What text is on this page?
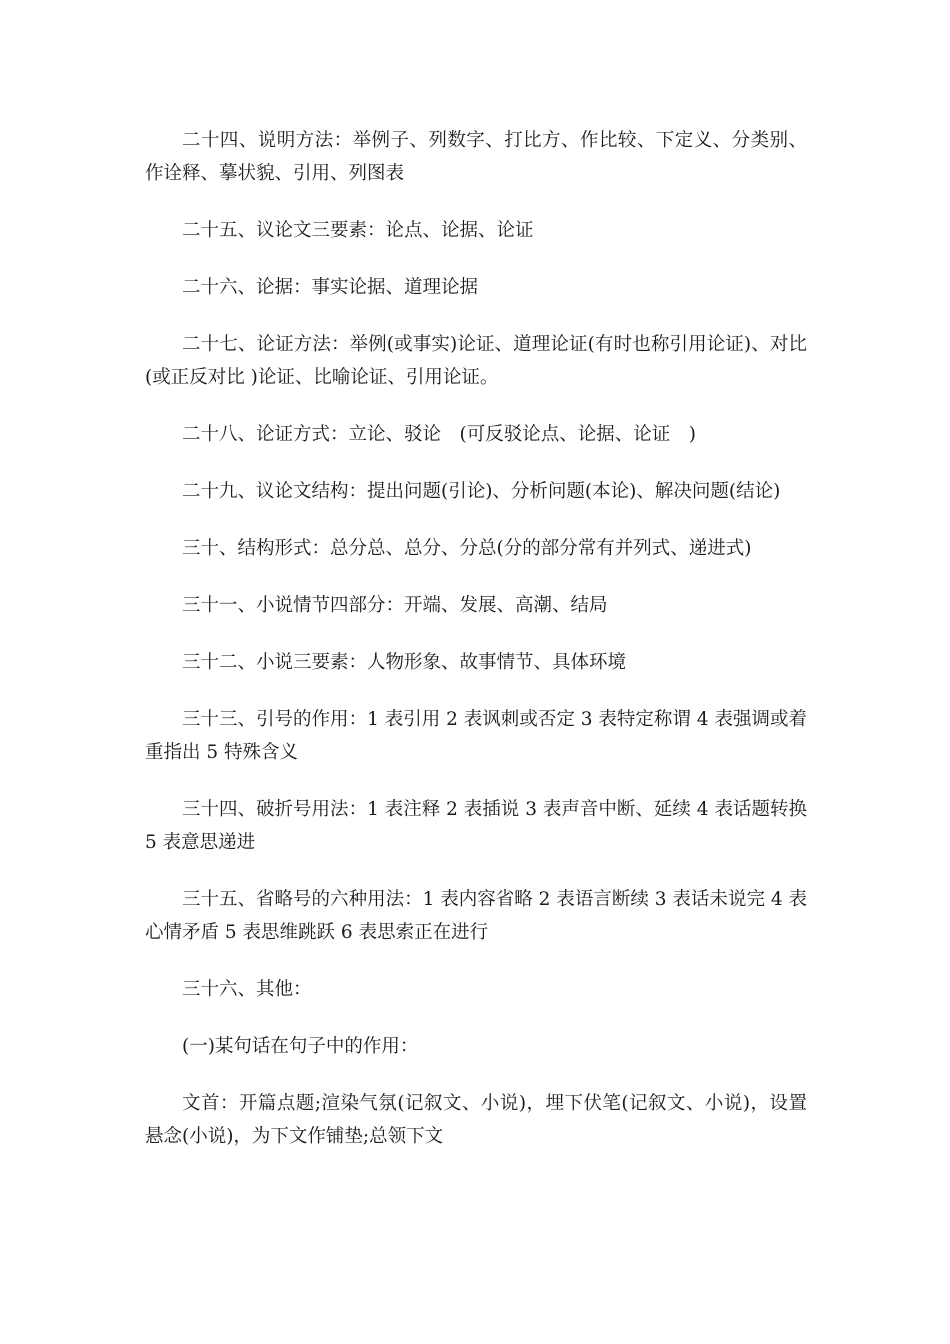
二十四、说明方法：举例子、列数字、打比方、作比较、下定义、分类别、作诠释、摹状貌、引用、列图表

二十五、议论文三要素：论点、论据、论证

二十六、论据：事实论据、道理论据

二十七、论证方法：举例(或事实)论证、道理论证(有时也称引用论证)、对比(或正反对比 )论证、比喻论证、引用论证。

二十八、论证方式：立论、驳论　(可反驳论点、论据、论证　)

二十九、议论文结构：提出问题(引论)、分析问题(本论)、解决问题(结论)

三十、结构形式：总分总、总分、分总(分的部分常有并列式、递进式)

三十一、小说情节四部分：开端、发展、高潮、结局

三十二、小说三要素：人物形象、故事情节、具体环境

三十三、引号的作用：1 表引用 2 表讽刺或否定 3 表特定称谓 4 表强调或着重指出 5 特殊含义

三十四、破折号用法：1 表注释 2 表插说 3 表声音中断、延续 4 表话题转换 5 表意思递进

三十五、省略号的六种用法：1 表内容省略 2 表语言断续 3 表话未说完 4 表心情矛盾 5 表思维跳跃 6 表思索正在进行

三十六、其他：

(一)某句话在句子中的作用：

文首：开篇点题;渲染气氛(记叙文、小说)，埋下伏笔(记叙文、小说)，设置悬念(小说)，为下文作铺垫;总领下文
